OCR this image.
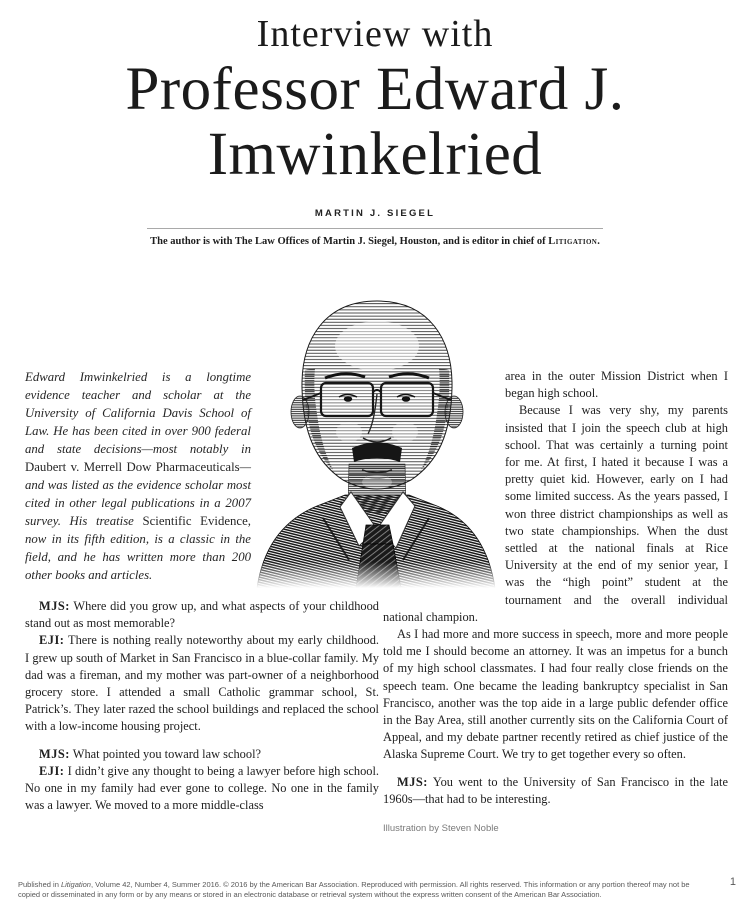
Interview with
Professor Edward J.
Imwinkelried
MARTIN J. SIEGEL

The author is with The Law Offices of Martin J. Siegel, Houston, and is editor in chief of Litigation.

Edward Imwinkelried is a longtime evidence teacher and scholar at the University of California Davis School of Law. He has been cited in over 900 federal and state decisions—most notably in Daubert v. Merrell Dow Pharmaceuticals—and was listed as the evidence scholar most cited in other legal publications in a 2007 survey. His treatise Scientific Evidence, now in its fifth edition, is a classic in the field, and he has written more than 200 other books and articles.

MJS: Where did you grow up, and what aspects of your childhood stand out as most memorable?

EJI: There is nothing really noteworthy about my early childhood. I grew up south of Market in San Francisco in a blue-collar family. My dad was a fireman, and my mother was part-owner of a neighborhood grocery store. I attended a small Catholic grammar school, St. Patrick’s. They later razed the school buildings and replaced the school with a low-income housing project.

MJS: What pointed you toward law school?

EJI: I didn’t give any thought to being a lawyer before high school. No one in my family had ever gone to college. No one in the family was a lawyer. We moved to a more middle-class

area in the outer Mission District when I began high school.

Because I was very shy, my parents insisted that I join the speech club at high school. That was certainly a turning point for me. At first, I hated it because I was a pretty quiet kid. However, early on I had some limited success. As the years passed, I won three district championships as well as two state championships. When the dust settled at the national finals at Rice University at the end of my senior year, I was the “high point” student at the tournament and the overall individual national champion.

As I had more and more success in speech, more and more people told me I should become an attorney. It was an impetus for a bunch of my high school classmates. I had four really close friends on the speech team. One became the leading bankruptcy specialist in San Francisco, another was the top aide in a large public defender office in the Bay Area, still another currently sits on the California Court of Appeal, and my debate partner recently retired as chief justice of the Alaska Supreme Court. We try to get together every so often.

MJS: You went to the University of San Francisco in the late 1960s—that had to be interesting.

Illustration by Steven Noble
Published in Litigation, Volume 42, Number 4, Summer 2016. © 2016 by the American Bar Association. Reproduced with permission. All rights reserved. This information or any portion thereof may not be copied or disseminated in any form or by any means or stored in an electronic database or retrieval system without the express written consent of the American Bar Association.
1
